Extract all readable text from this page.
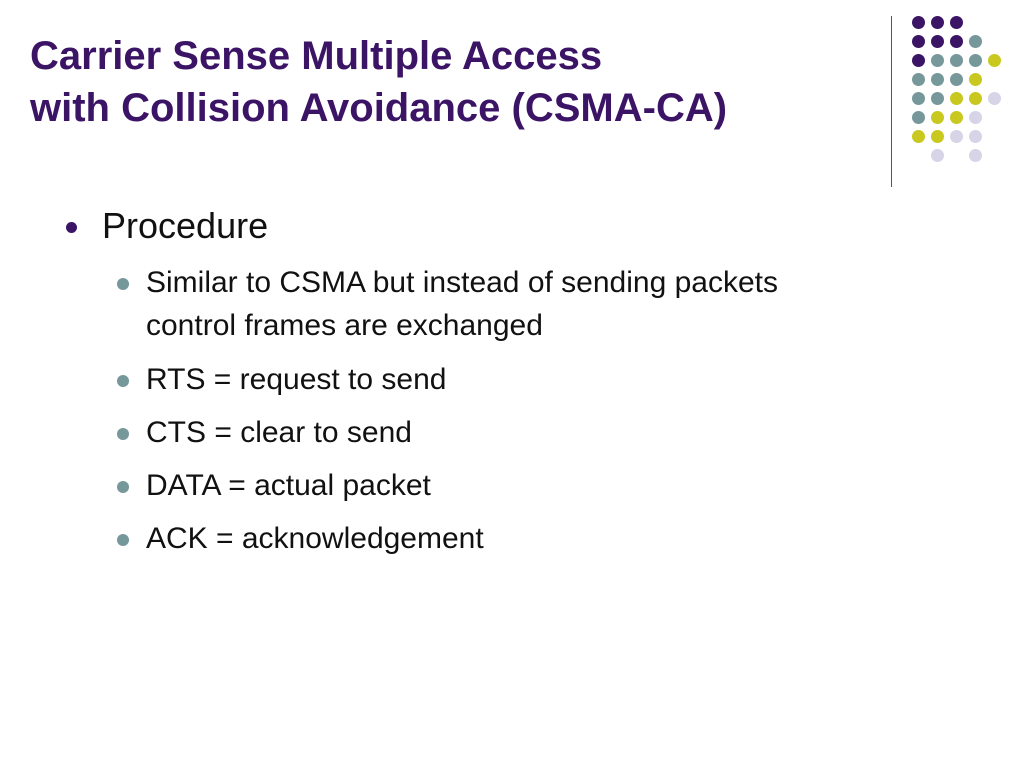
Carrier Sense Multiple Access
with Collision Avoidance (CSMA-CA)
Procedure
Similar to CSMA but instead of sending packets
control frames are exchanged
RTS = request to send
CTS = clear to send
DATA = actual packet
ACK = acknowledgement
